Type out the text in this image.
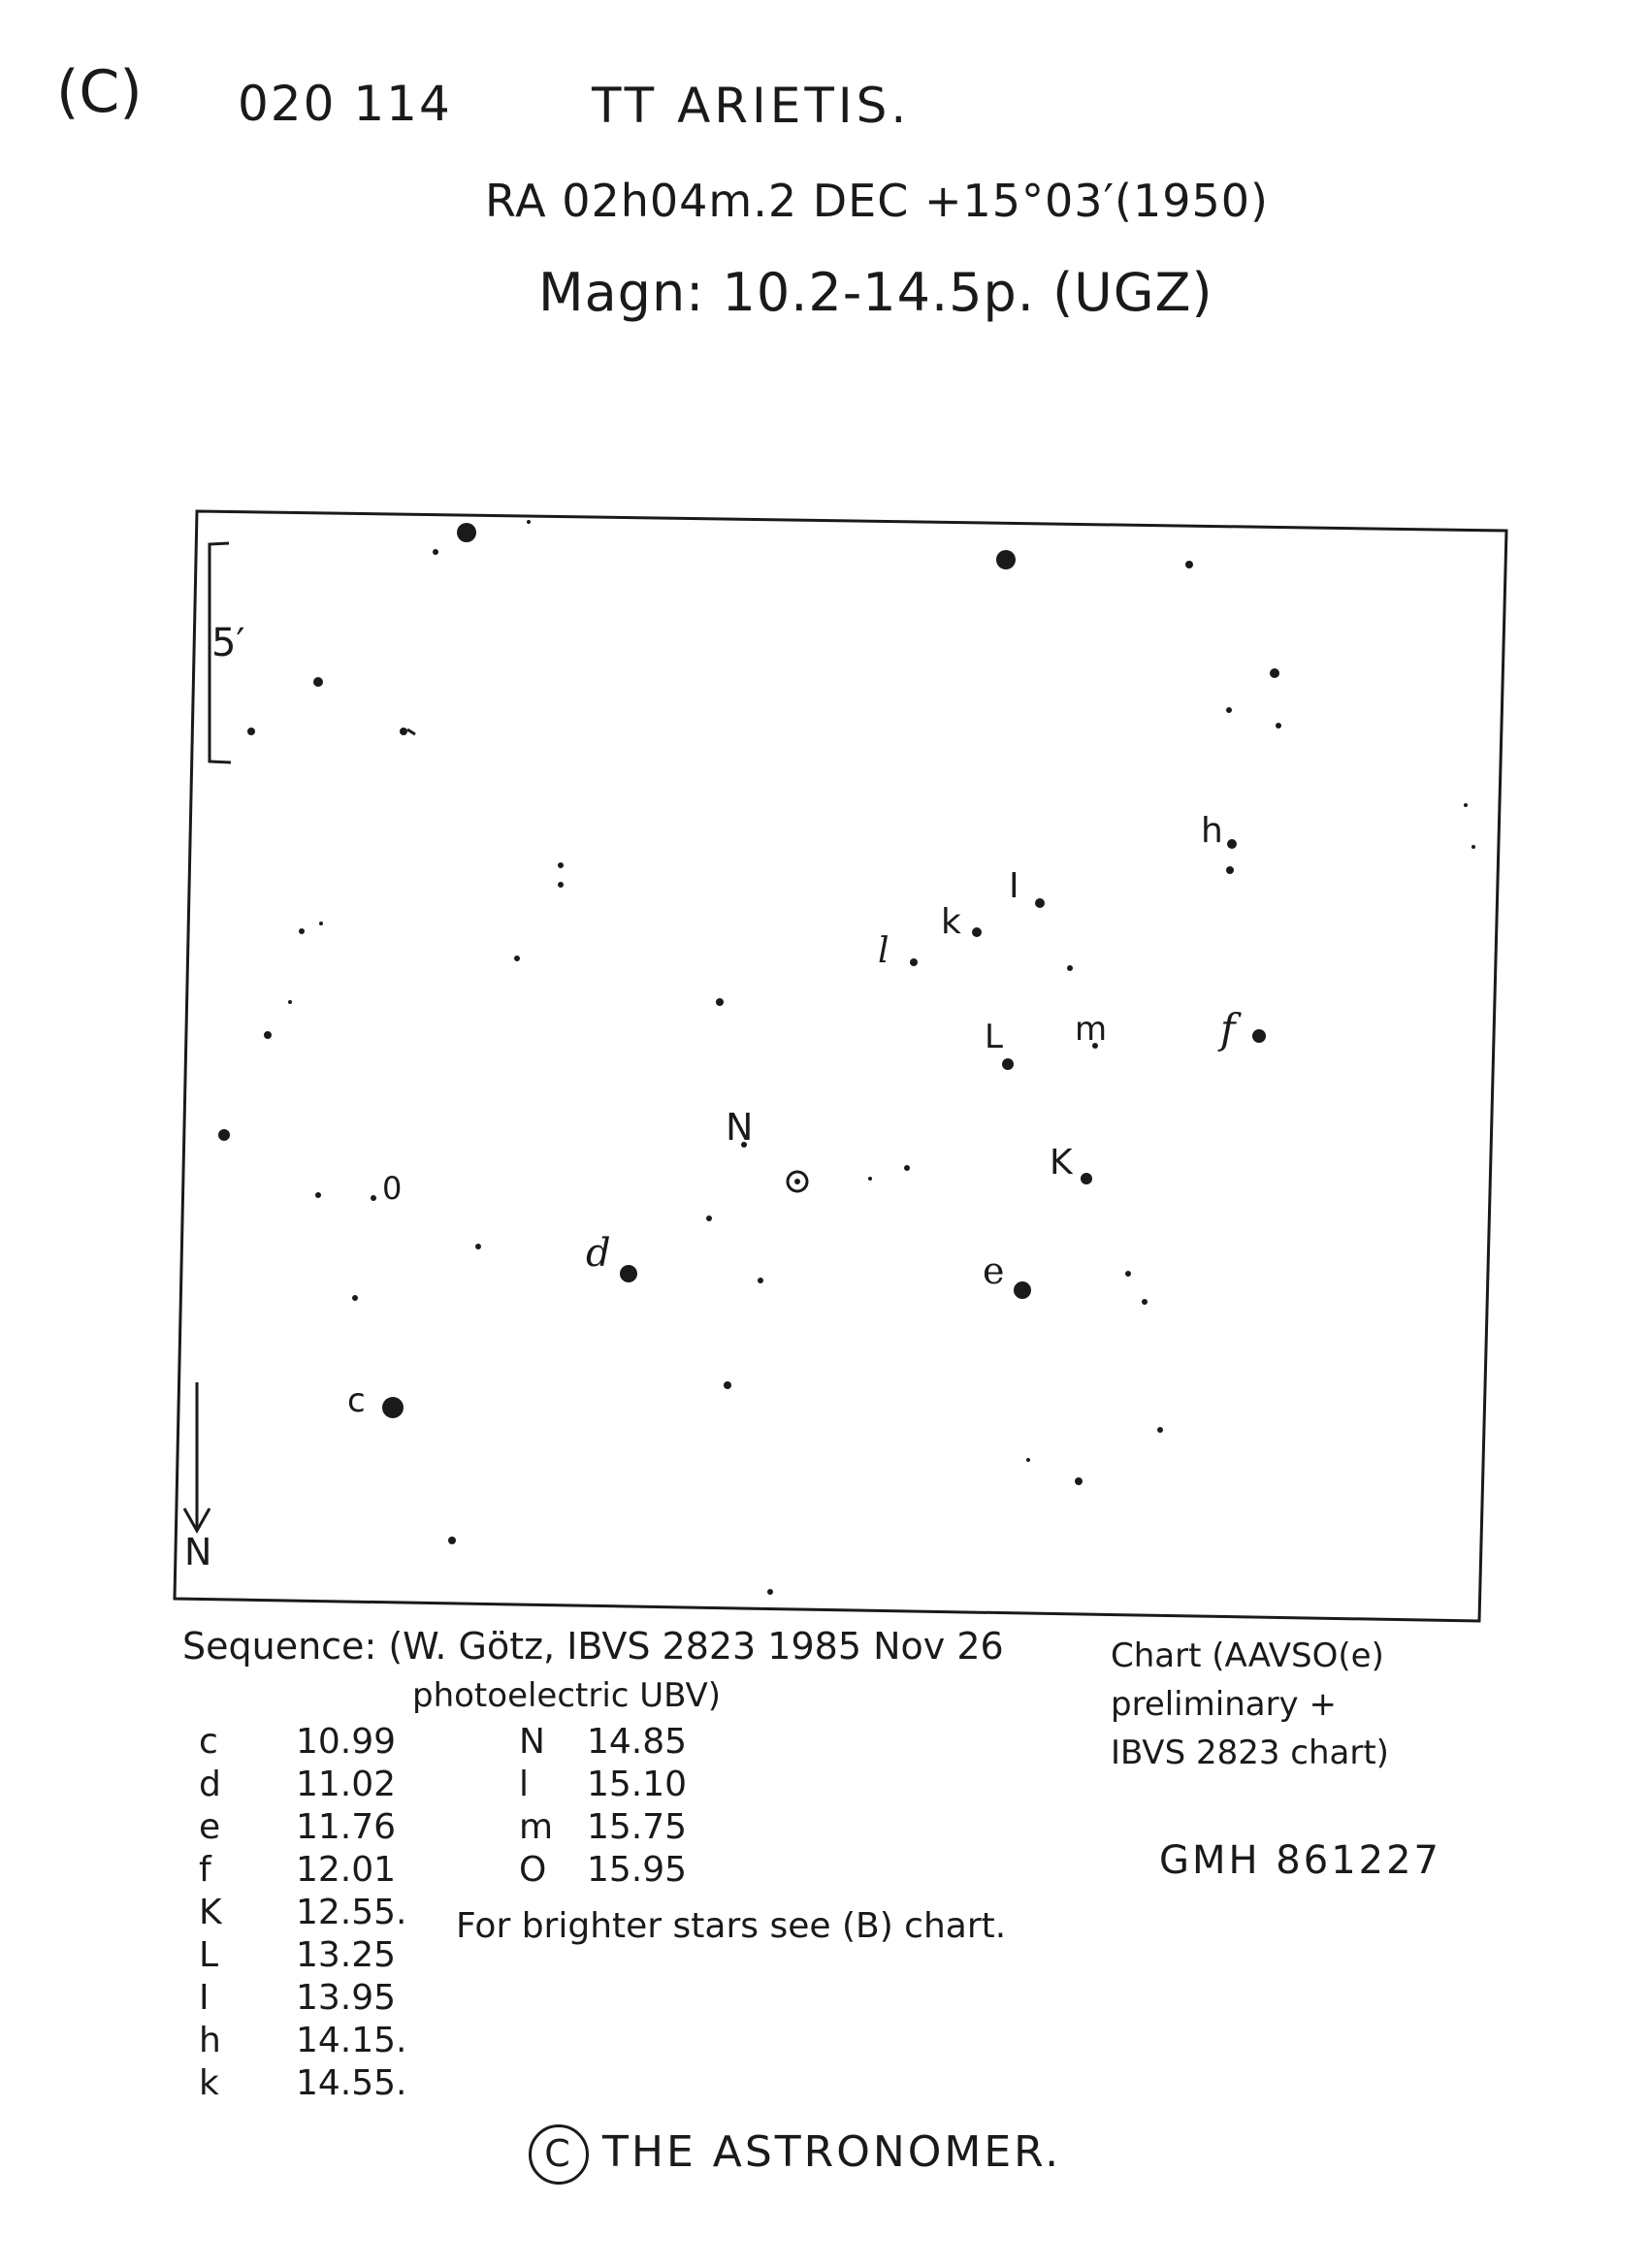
(C) 020 114	TT ARIETIS.
RA 02h04m.2 DEC +15°03′(1950)
Magn: 10.2-14.5p. (UGZ)
h
I
k
l
L m	f
N
K
0
d	e
c
5′
N
Sequence: (W. Götz, IBVS 2823 1985 Nov 26
photoelectric UBV)
Chart (AAVSO(e)
preliminary +
IBVS 2823 chart)
c	10.99
d	11.02
e	11.76
f	12.01
K	12.55.
L	13.25
I	13.95
h	14.15.
k	14.55.
N	14.85
l	15.10
m 15.75
O	15.95
For brighter stars see (B) chart.
GMH 861227
C THE ASTRONOMER.
